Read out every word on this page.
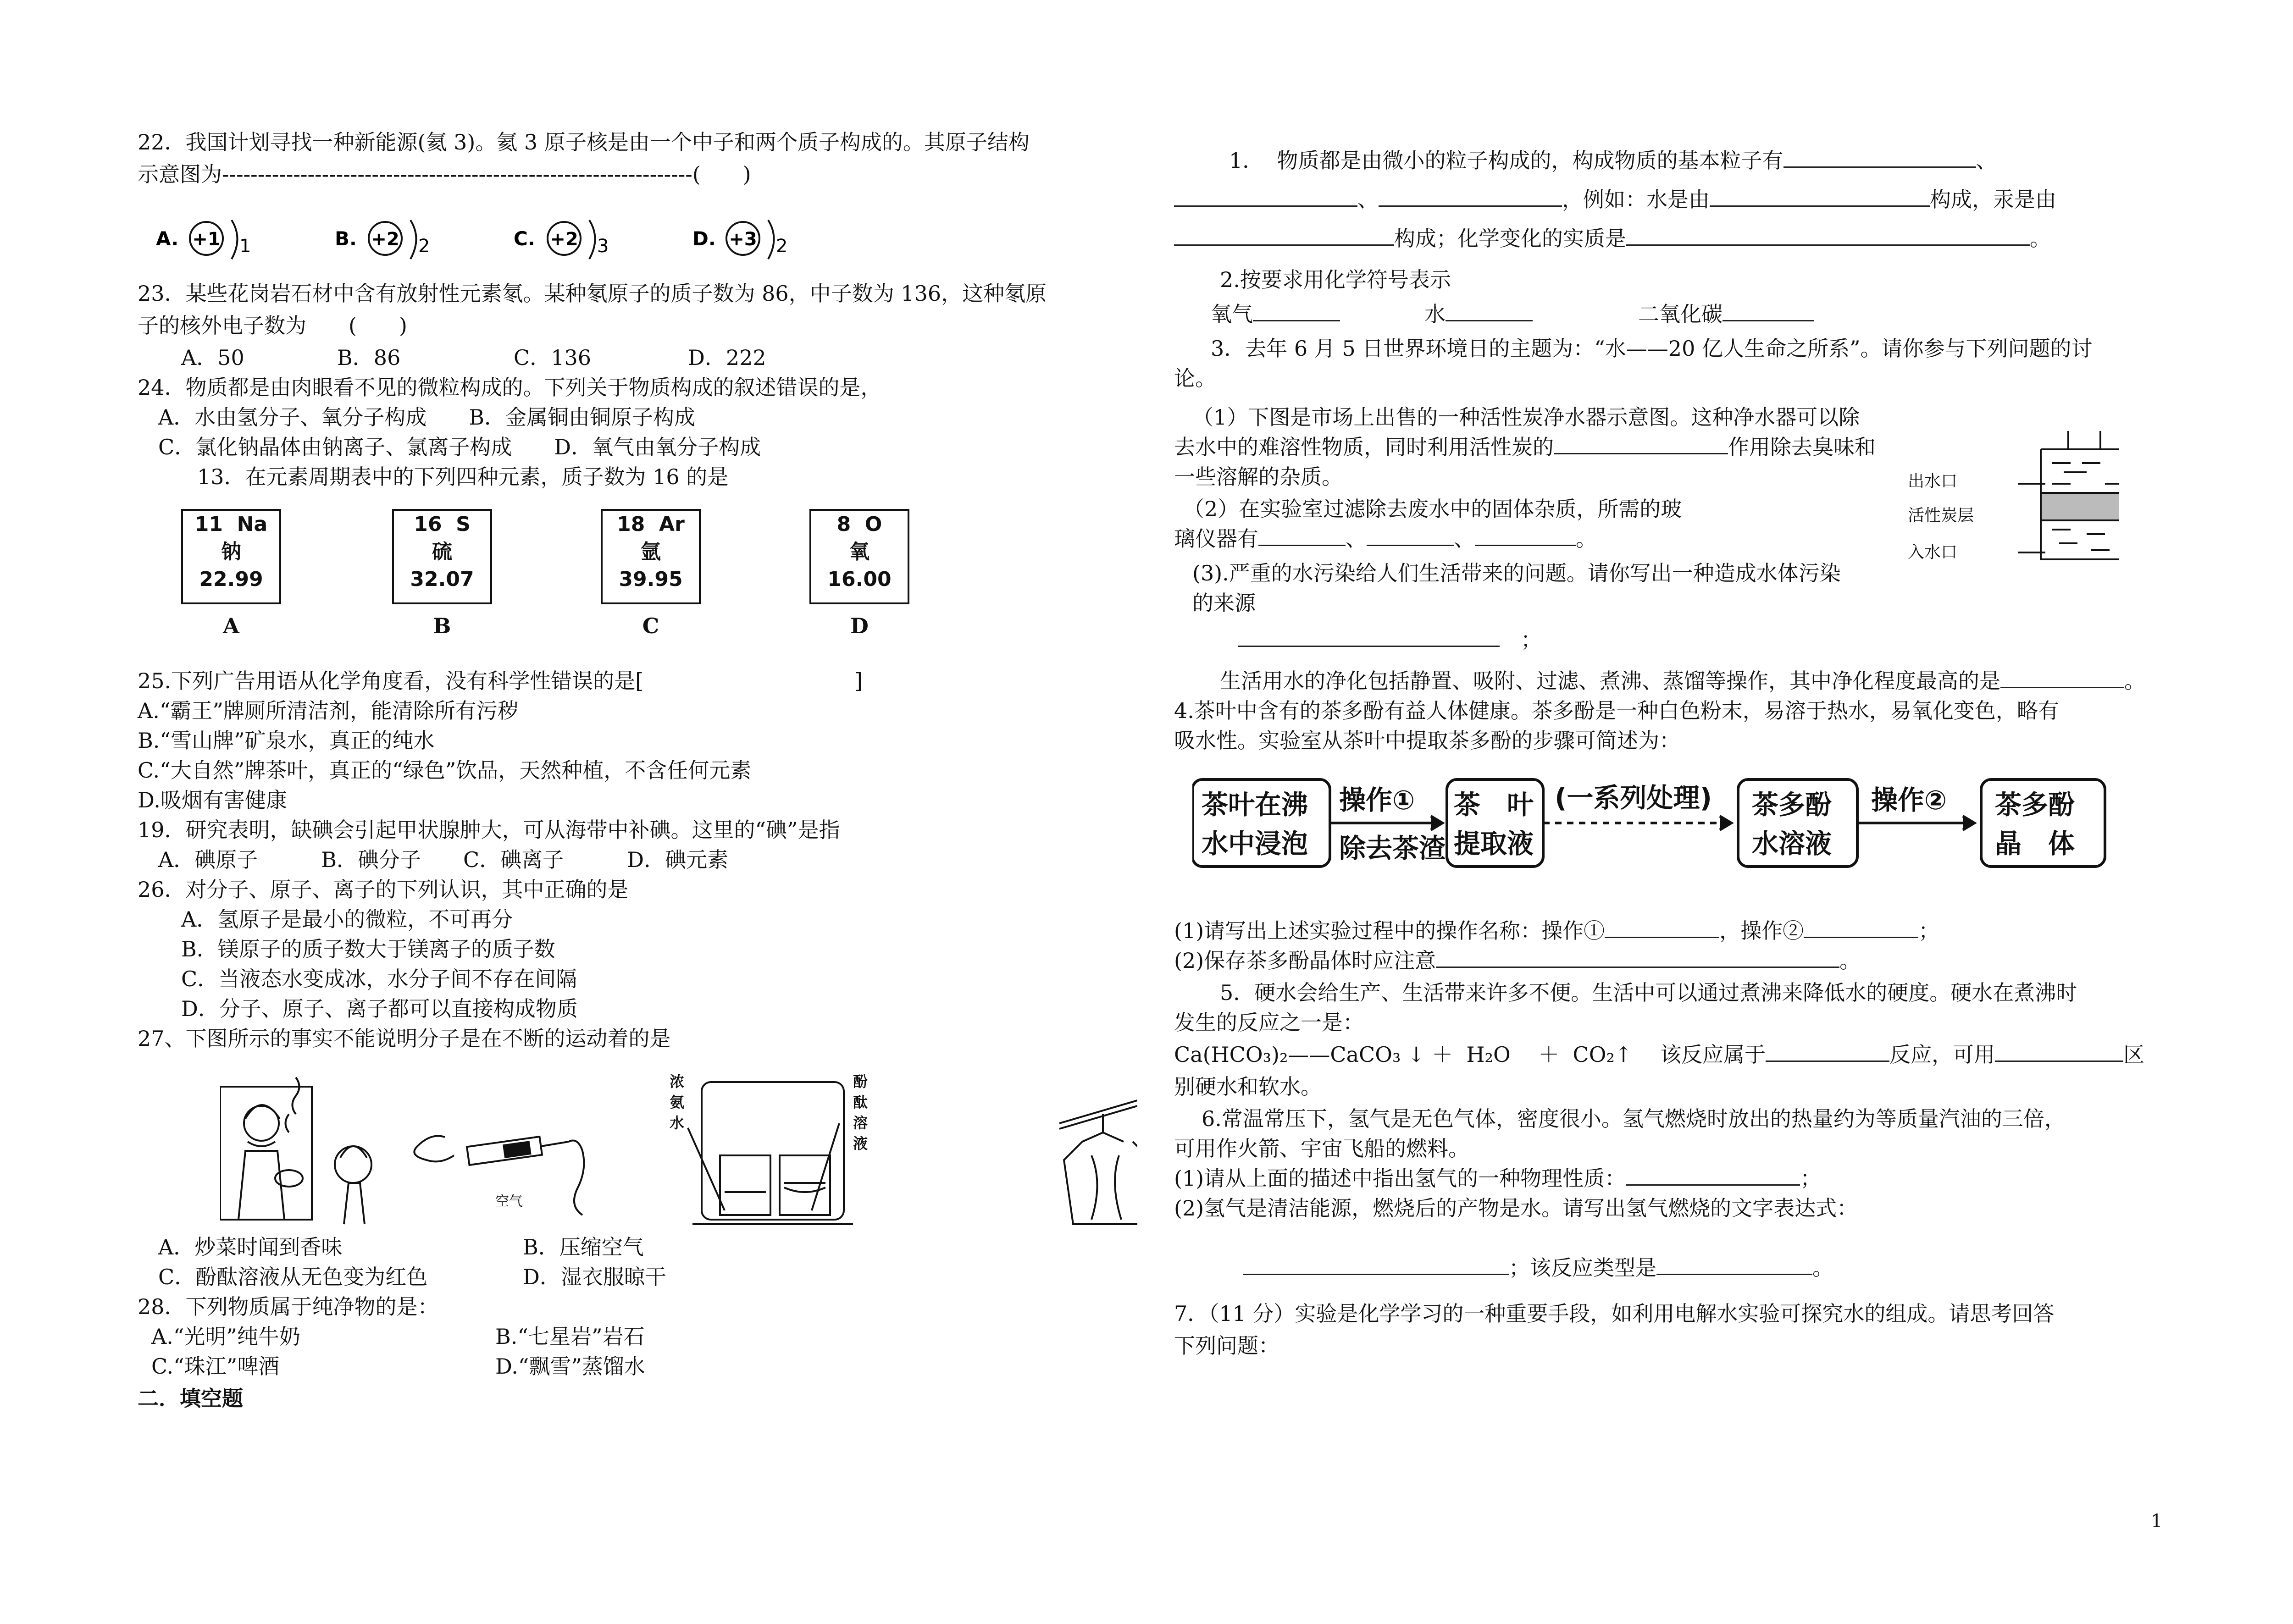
22．我国计划寻找一种新能源(氦 3)。氦 3 原子核是由一个中子和两个质子构成的。其原子结构
示意图为------------------------------------------------------------------(　　)
A. +1 1	B. +2 2	C. +2 3	D. +3 2
23．某些花岗岩石材中含有放射性元素氡。某种氡原子的质子数为 86，中子数为 136，这种氡原
子的核外电子数为　　(　　)
A．50	B．86	C．136	D．222
24．物质都是由肉眼看不见的微粒构成的。下列关于物质构成的叙述错误的是，
A．水由氢分子、氧分子构成　　B．金属铜由铜原子构成
C．氯化钠晶体由钠离子、氯离子构成　　D．氧气由氧分子构成
13．在元素周期表中的下列四种元素，质子数为 16 的是
11 Na
钠
22.99
A
16 S
硫
32.07
B
18 Ar
氩
39.95
C
8 O
氧
16.00
D
25.下列广告用语从化学角度看，没有科学性错误的是[　　　　　　　　　　]
A.“霸王”牌厕所清洁剂，能清除所有污秽
B.“雪山牌”矿泉水，真正的纯水
C.“大自然”牌茶叶，真正的“绿色”饮品，天然种植，不含任何元素
D.吸烟有害健康
19．研究表明，缺碘会引起甲状腺肿大，可从海带中补碘。这里的“碘”是指
A．碘原子　　　B．碘分子　　C．碘离子　　　D．碘元素
26．对分子、原子、离子的下列认识，其中正确的是
A．氢原子是最小的微粒，不可再分
B．镁原子的质子数大于镁离子的质子数
C．当液态水变成冰，水分子间不存在间隔
D．分子、原子、离子都可以直接构成物质
27、下图所示的事实不能说明分子是在不断的运动着的是
空气
浓 氨 水
酚 酞 溶 液
A．炒菜时闻到香味	B．压缩空气
C．酚酞溶液从无色变为红色	D．湿衣服晾干
28．下列物质属于纯净物的是：
A.“光明”纯牛奶	B.“七星岩”岩石
C.“珠江”啤酒	D.“飘雪”蒸馏水
二．填空题
1．  物质都是由微小的粒子构成的，构成物质的基本粒子有	、
、	，例如：水是由	构成，汞是由
构成；化学变化的实质是	。
2.按要求用化学符号表示
氧气　　　　	水　　　　　	二氧化碳
3．去年 6 月 5 日世界环境日的主题为：“水——20 亿人生命之所系”。请你参与下列问题的讨
论。
（1）下图是市场上出售的一种活性炭净水器示意图。这种净水器可以除
去水中的难溶性物质，同时利用活性炭的	作用除去臭味和
一些溶解的杂质。
（2）在实验室过滤除去废水中的固体杂质，所需的玻
璃仪器有	、	、	。
(3).严重的水污染给人们生活带来的问题。请你写出一种造成水体污染
的来源
　；
出水口
活性炭层
入水口
生活用水的净化包括静置、吸附、过滤、煮沸、蒸馏等操作，其中净化程度最高的是	。
4.茶叶中含有的茶多酚有益人体健康。茶多酚是一种白色粉末，易溶于热水，易氧化变色，略有
吸水性。实验室从茶叶中提取茶多酚的步骤可简述为：
茶叶在沸
水中浸泡
操作①
除去茶渣
茶　叶
提取液
(一系列处理) 茶多酚
水溶液
操作② 茶多酚
晶　体
(1)请写出上述实验过程中的操作名称：操作①	，操作②	；
(2)保存茶多酚晶体时应注意	。
5．硬水会给生产、生活带来许多不便。生活中可以通过煮沸来降低水的硬度。硬水在煮沸时
发生的反应之一是：
Ca(HCO₃)₂——CaCO₃ ↓ ＋  H₂O　 ＋  CO₂↑　 该反应属于	反应，可用	区
别硬水和软水。
6.常温常压下，氢气是无色气体，密度很小。氢气燃烧时放出的热量约为等质量汽油的三倍，
可用作火箭、宇宙飞船的燃料。
(1)请从上面的描述中指出氢气的一种物理性质：	；
(2)氢气是清洁能源，燃烧后的产物是水。请写出氢气燃烧的文字表达式：
；该反应类型是	。
7．（11 分）实验是化学学习的一种重要手段，如利用电解水实验可探究水的组成。请思考回答
下列问题：
1
